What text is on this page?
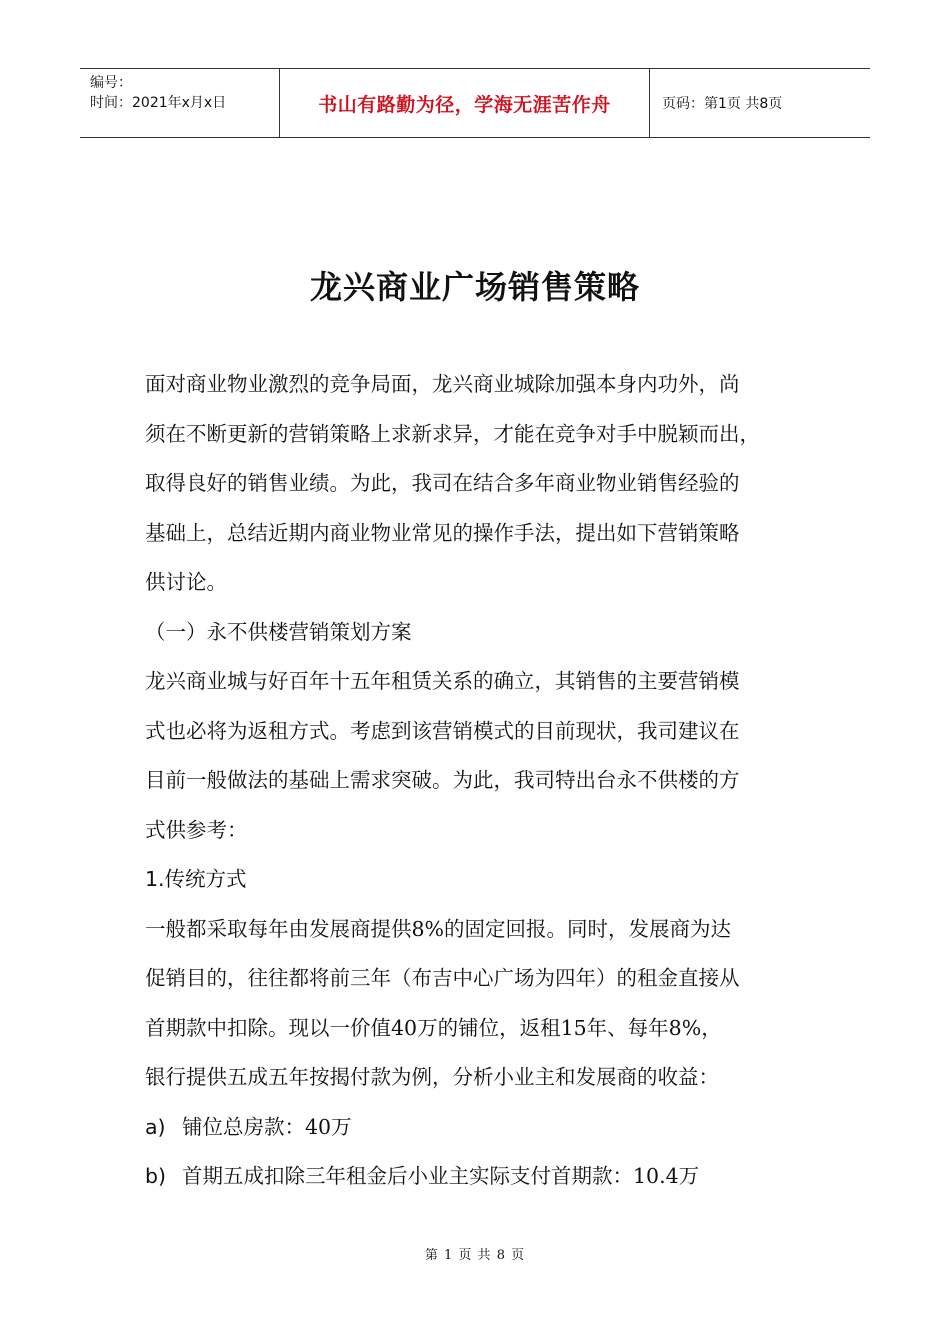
编号：
时间：2021年x月x日	书山有路勤为径，学海无涯苦作舟	页码：第1页 共8页
龙兴商业广场销售策略
面对商业物业激烈的竞争局面，龙兴商业城除加强本身内功外，尚
须在不断更新的营销策略上求新求异，才能在竞争对手中脱颖而出，
取得良好的销售业绩。为此，我司在结合多年商业物业销售经验的
基础上，总结近期内商业物业常见的操作手法，提出如下营销策略
供讨论。
（一）永不供楼营销策划方案
龙兴商业城与好百年十五年租赁关系的确立，其销售的主要营销模
式也必将为返租方式。考虑到该营销模式的目前现状，我司建议在
目前一般做法的基础上需求突破。为此，我司特出台永不供楼的方
式供参考：
1.传统方式
一般都采取每年由发展商提供8%的固定回报。同时，发展商为达
促销目的，往往都将前三年（布吉中心广场为四年）的租金直接从
首期款中扣除。现以一价值40万的铺位，返租15年、每年8%，
银行提供五成五年按揭付款为例，分析小业主和发展商的收益：
a) 铺位总房款：40万
b) 首期五成扣除三年租金后小业主实际支付首期款：10.4万
第 1 页 共 8 页
